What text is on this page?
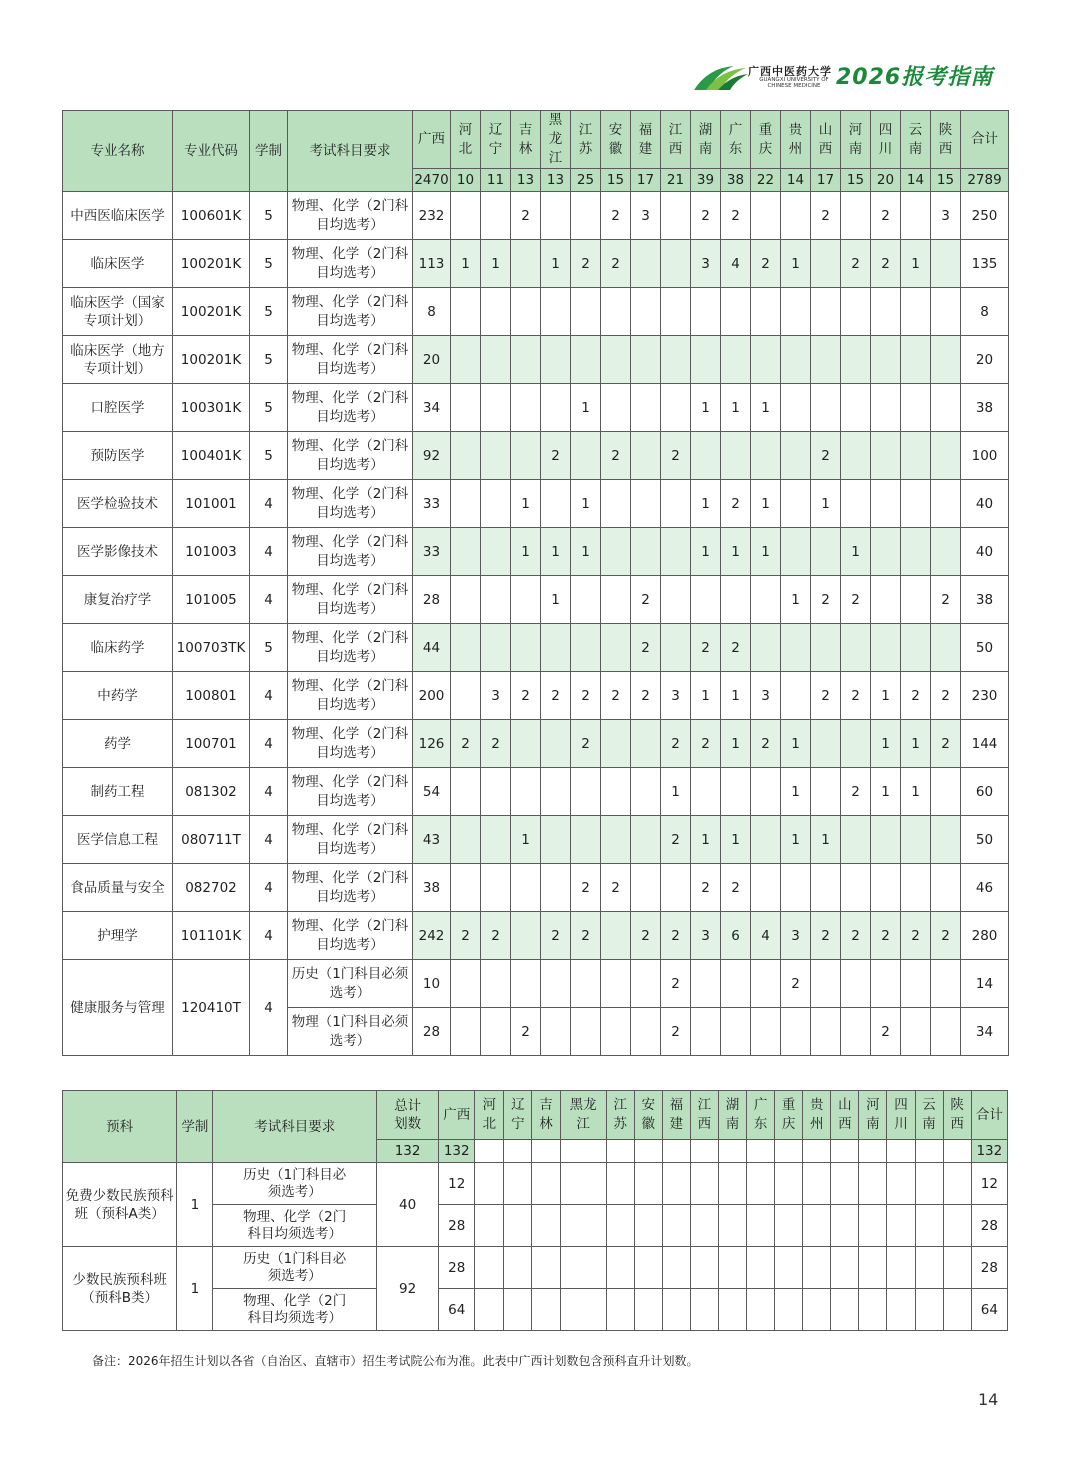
广西中医药大学
GUANGXI UNIVERSITY OF CHINESE MEDICINE 2026报考指南
专业名称	专业代码	学制	考试科目要求	广西	河北	辽宁	吉林	黑龙江	江苏	安徽	福建	江西	湖南	广东	重庆	贵州	山西	河南	四川	云南	陕西	合计
				2470	10	11	13	13	25	15	17	21	39	38	22	14	17	15	20	14	15	2789
中西医临床医学	100601K	5	物理、化学（2门科目均选考）	232			2			2	3		2	2			2		2		3	250
临床医学	100201K	5	物理、化学（2门科目均选考）	113	1	1		1	2	2			3	4	2	1		2	2	1		135
临床医学（国家专项计划）	100201K	5	物理、化学（2门科目均选考）	8																		8
临床医学（地方专项计划）	100201K	5	物理、化学（2门科目均选考）	20																		20
口腔医学	100301K	5	物理、化学（2门科目均选考）	34					1				1	1	1							38
预防医学	100401K	5	物理、化学（2门科目均选考）	92				2		2		2					2					100
医学检验技术	101001	4	物理、化学（2门科目均选考）	33			1		1				1	2	1		1					40
医学影像技术	101003	4	物理、化学（2门科目均选考）	33			1	1	1				1	1	1			1				40
康复治疗学	101005	4	物理、化学（2门科目均选考）	28				1			2					1	2	2			2	38
临床药学	100703TK	5	物理、化学（2门科目均选考）	44							2		2	2								50
中药学	100801	4	物理、化学（2门科目均选考）	200		3	2	2	2	2	2	3	1	1	3		2	2	1	2	2	230
药学	100701	4	物理、化学（2门科目均选考）	126	2	2			2			2	2	1	2	1			1	1	2	144
制药工程	081302	4	物理、化学（2门科目均选考）	54								1				1		2	1	1		60
医学信息工程	080711T	4	物理、化学（2门科目均选考）	43			1					2	1	1		1	1					50
食品质量与安全	082702	4	物理、化学（2门科目均选考）	38					2	2			2	2								46
护理学	101101K	4	物理、化学（2门科目均选考）	242	2	2		2	2		2	2	3	6	4	3	2	2	2	2	2	280
健康服务与管理	120410T	4	历史（1门科目必须选考）	10								2				2						14
			物理（1门科目必须选考）	28			2					2							2			34
预科	学制	考试科目要求	总计划数	广西	河北	辽宁	吉林	黑龙江	江苏	安徽	福建	江西	湖南	广东	重庆	贵州	山西	河南	四川	云南	陕西	合计
			132	132																		132
免费少数民族预科班（预科A类）	1	历史（1门科目必须选考）	40	12																		12
		物理、化学（2门科目均须选考）		28																		28
少数民族预科班（预科B类）	1	历史（1门科目必须选考）	92	28																		28
		物理、化学（2门科目均须选考）		64																		64
备注：2026年招生计划以各省（自治区、直辖市）招生考试院公布为准。此表中广西计划数包含预科直升计划数。
14
